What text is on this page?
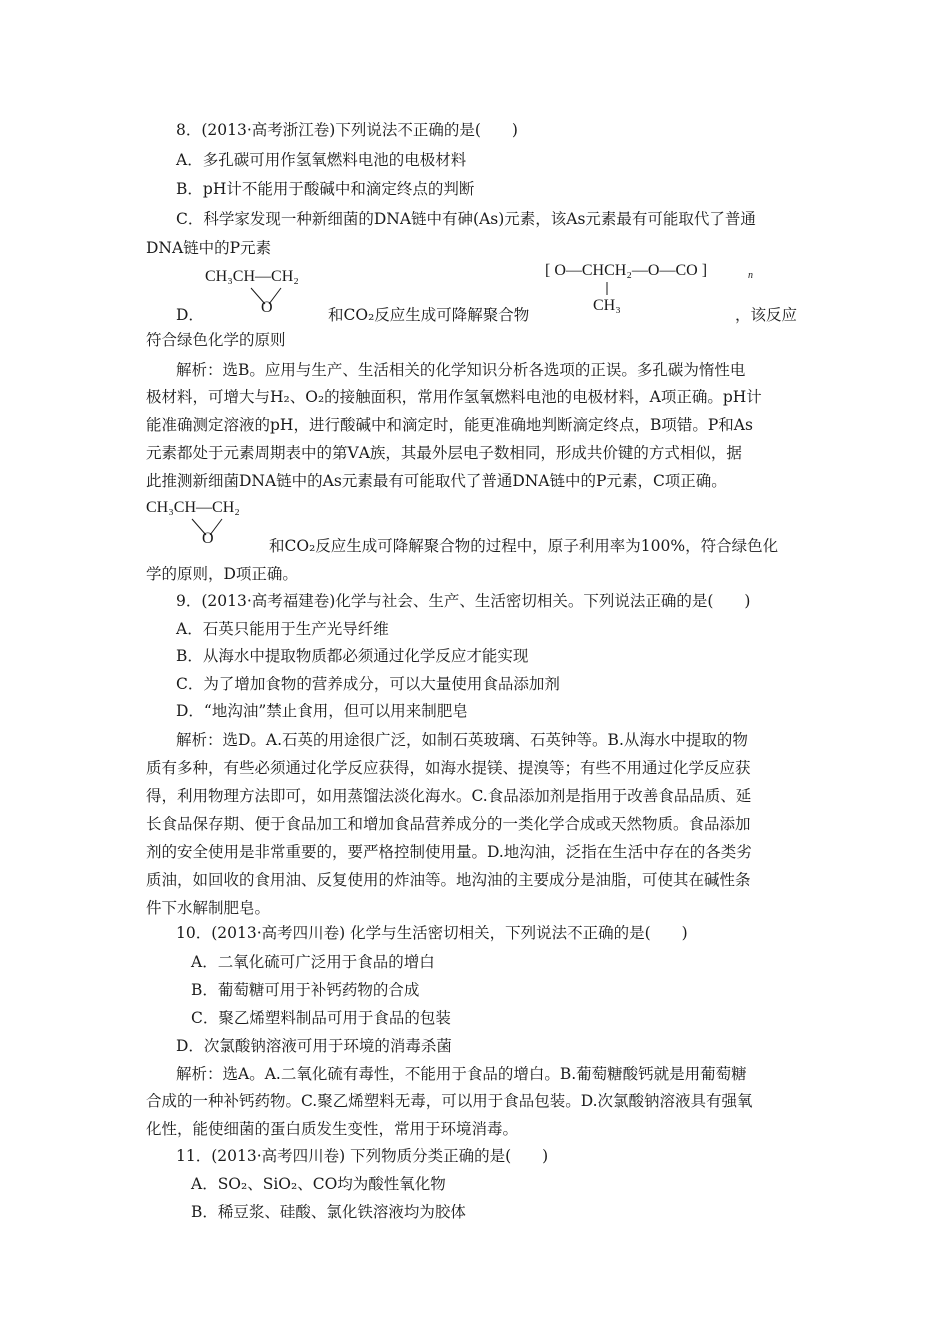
8．(2013·高考浙江卷)下列说法不正确的是(　　)
A．多孔碳可用作氢氧燃料电池的电极材料
B．pH计不能用于酸碱中和滴定终点的判断
C．科学家发现一种新细菌的DNA链中有砷(As)元素，该As元素最有可能取代了普通
DNA链中的P元素
CH₃CH—CH₂
O
D．	和CO₂反应生成可降解聚合物
[ O—CHCH₂—O—CO ]	n
CH₃
，该反应
符合绿色化学的原则
解析：选B。应用与生产、生活相关的化学知识分析各选项的正误。多孔碳为惰性电
极材料，可增大与H₂、O₂的接触面积，常用作氢氧燃料电池的电极材料，A项正确。pH计
能准确测定溶液的pH，进行酸碱中和滴定时，能更准确地判断滴定终点，B项错。P和As
元素都处于元素周期表中的第ⅤA族，其最外层电子数相同，形成共价键的方式相似，据
此推测新细菌DNA链中的As元素最有可能取代了普通DNA链中的P元素，C项正确。
CH₃CH—CH₂
O	和CO₂反应生成可降解聚合物的过程中，原子利用率为100%，符合绿色化
学的原则，D项正确。
9．(2013·高考福建卷)化学与社会、生产、生活密切相关。下列说法正确的是(　　)
A．石英只能用于生产光导纤维
B．从海水中提取物质都必须通过化学反应才能实现
C．为了增加食物的营养成分，可以大量使用食品添加剂
D．“地沟油”禁止食用，但可以用来制肥皂
解析：选D。A.石英的用途很广泛，如制石英玻璃、石英钟等。B.从海水中提取的物
质有多种，有些必须通过化学反应获得，如海水提镁、提溴等；有些不用通过化学反应获
得，利用物理方法即可，如用蒸馏法淡化海水。C.食品添加剂是指用于改善食品品质、延
长食品保存期、便于食品加工和增加食品营养成分的一类化学合成或天然物质。食品添加
剂的安全使用是非常重要的，要严格控制使用量。D.地沟油，泛指在生活中存在的各类劣
质油，如回收的食用油、反复使用的炸油等。地沟油的主要成分是油脂，可使其在碱性条
件下水解制肥皂。
10．(2013·高考四川卷) 化学与生活密切相关，下列说法不正确的是(　　)
A．二氧化硫可广泛用于食品的增白
B．葡萄糖可用于补钙药物的合成
C．聚乙烯塑料制品可用于食品的包装
D．次氯酸钠溶液可用于环境的消毒杀菌
解析：选A。A.二氧化硫有毒性，不能用于食品的增白。B.葡萄糖酸钙就是用葡萄糖
合成的一种补钙药物。C.聚乙烯塑料无毒，可以用于食品包装。D.次氯酸钠溶液具有强氧
化性，能使细菌的蛋白质发生变性，常用于环境消毒。
11．(2013·高考四川卷) 下列物质分类正确的是(　　)
A．SO₂、SiO₂、CO均为酸性氧化物
B．稀豆浆、硅酸、氯化铁溶液均为胶体
